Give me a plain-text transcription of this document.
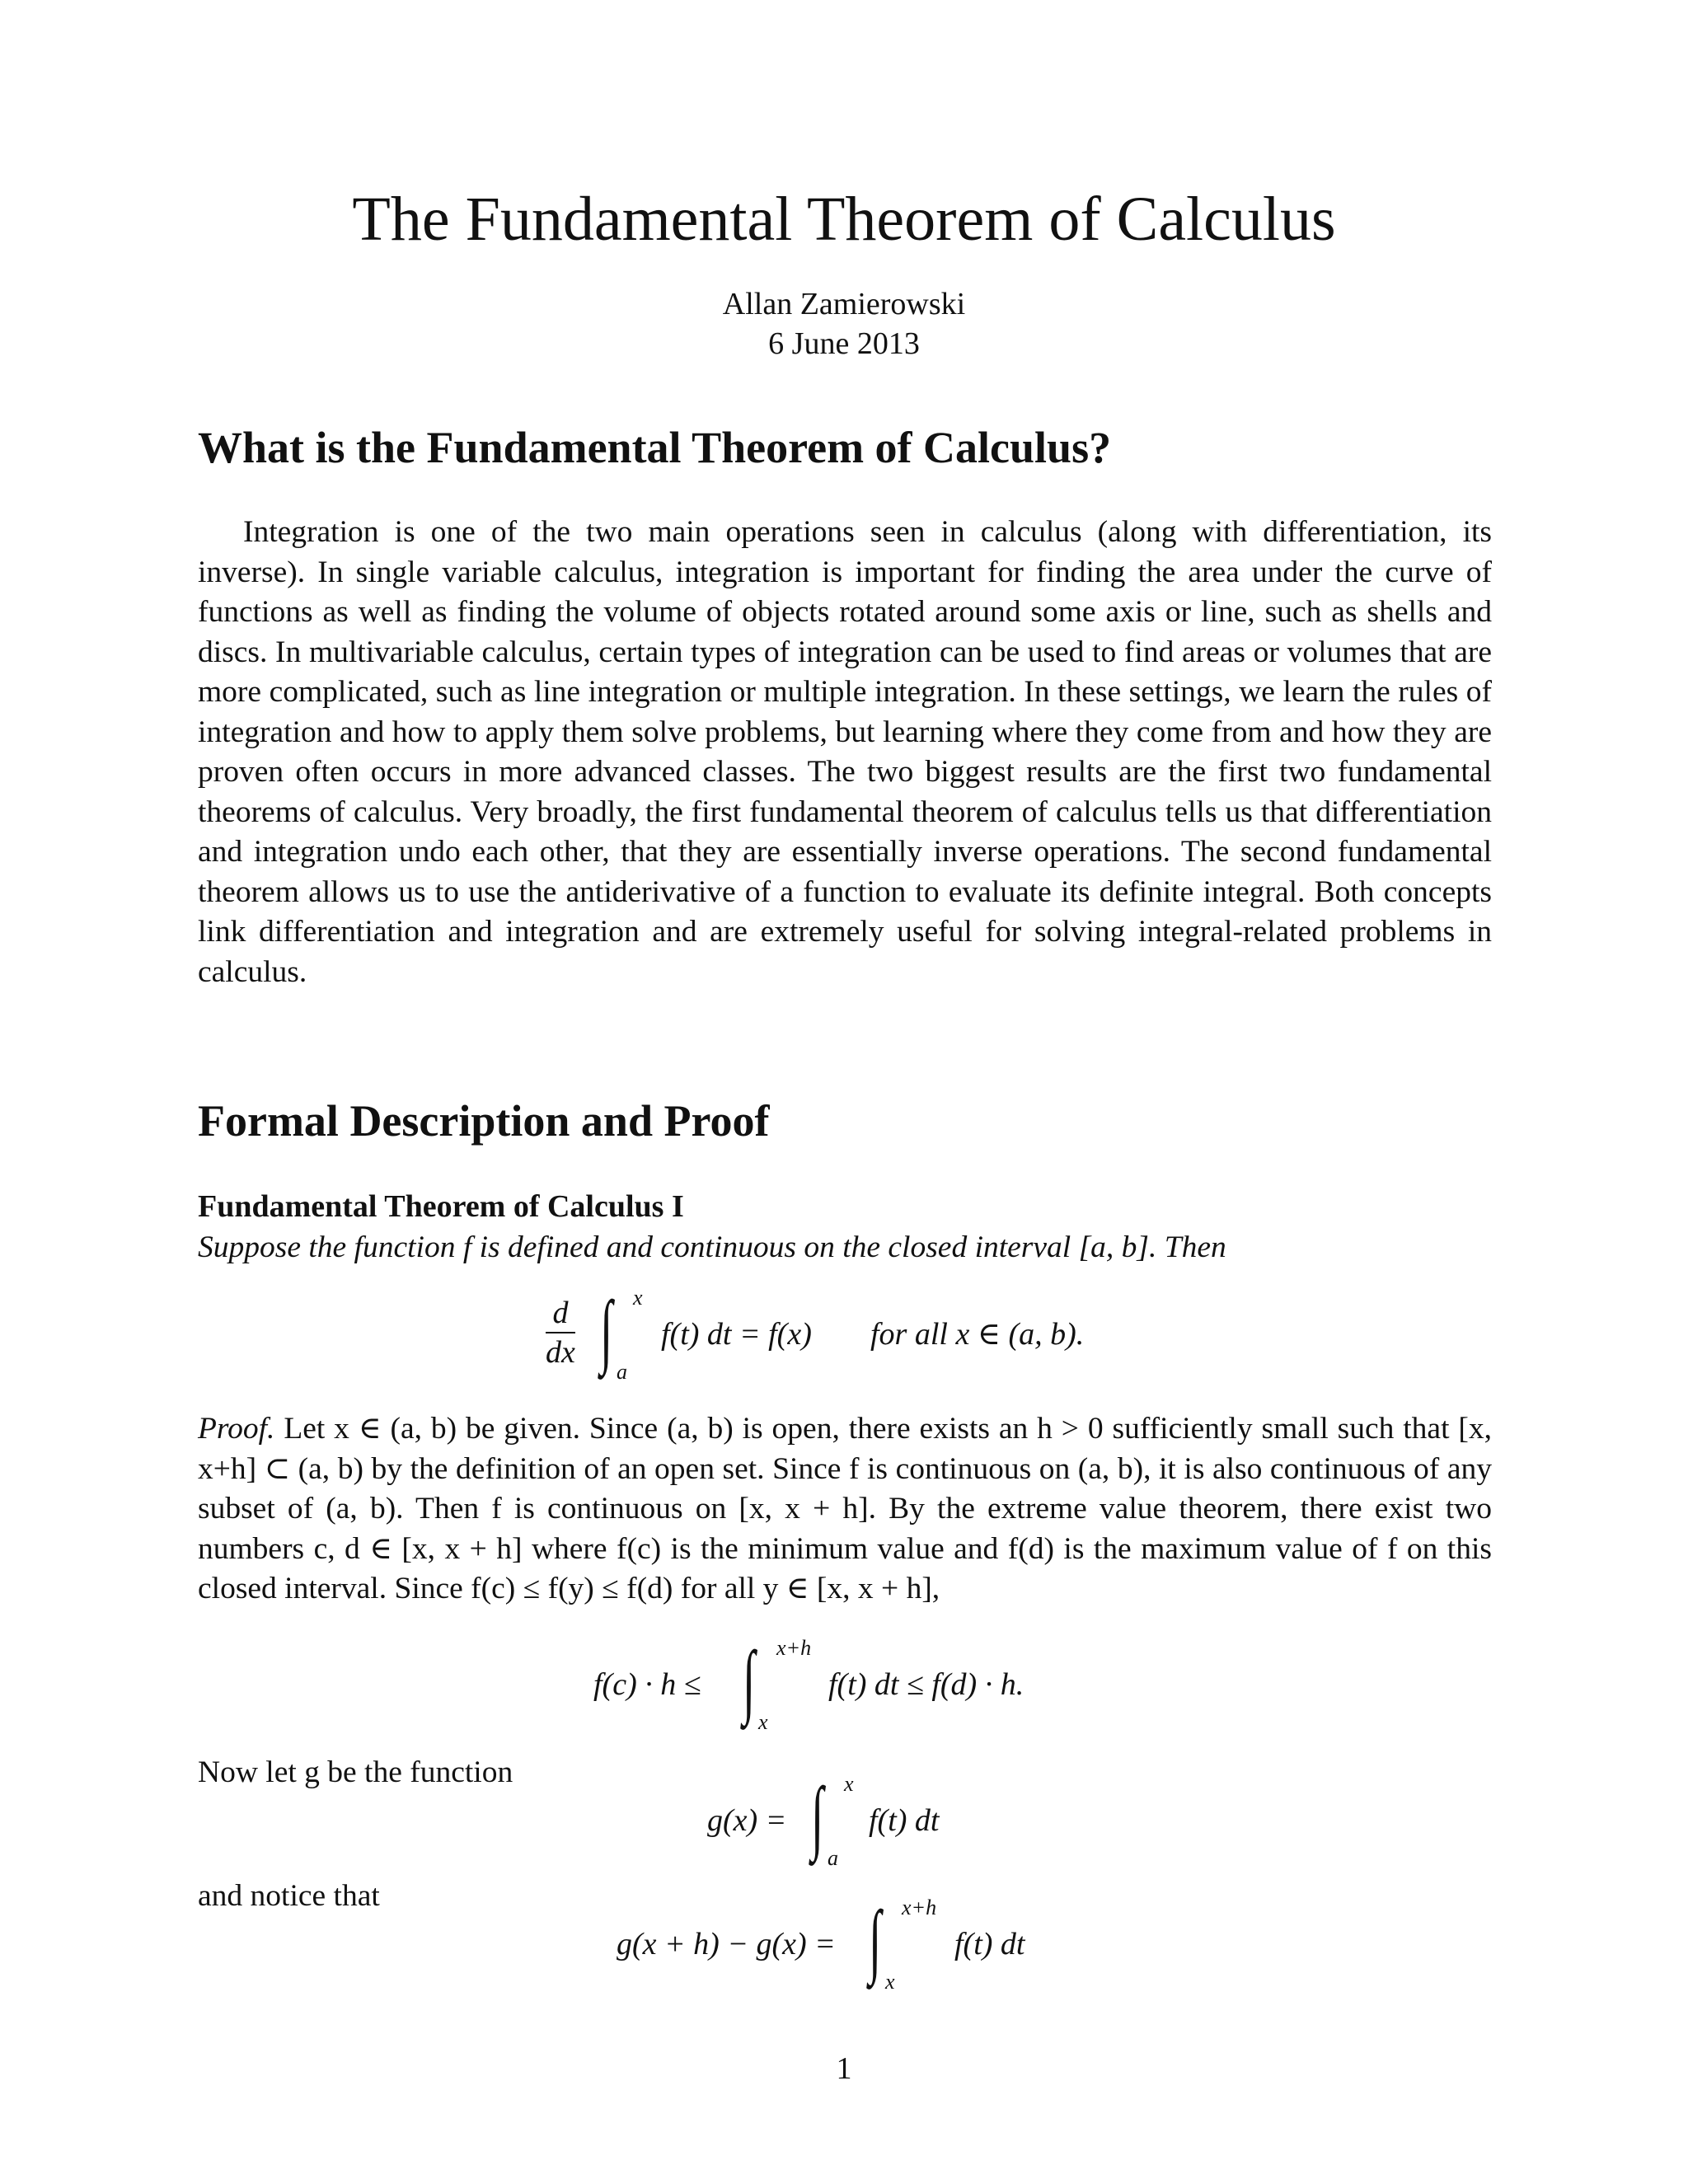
The Fundamental Theorem of Calculus
Allan Zamierowski
6 June 2013
What is the Fundamental Theorem of Calculus?

Integration is one of the two main operations seen in calculus (along with differentiation, its inverse). In single variable calculus, integration is important for finding the area under the curve of functions as well as finding the volume of objects rotated around some axis or line, such as shells and discs. In multivariable calculus, certain types of integration can be used to find areas or volumes that are more complicated, such as line integration or multiple integration. In these settings, we learn the rules of integration and how to apply them solve problems, but learning where they come from and how they are proven often occurs in more advanced classes. The two biggest results are the first two fundamental theorems of calculus. Very broadly, the first fundamental theorem of calculus tells us that differentiation and integration undo each other, that they are essentially inverse operations. The second fundamental theorem allows us to use the antiderivative of a function to evaluate its definite integral. Both concepts link differentiation and integration and are extremely useful for solving integral-related problems in calculus.

Formal Description and Proof
Fundamental Theorem of Calculus I

Suppose the function f is defined and continuous on the closed interval [a, b]. Then

$\frac{d}{dx}$ ∫ x
a
f(t) dt = f(x) for all x ∈ (a, b).

Proof. Let x ∈ (a, b) be given. Since (a, b) is open, there exists an h > 0 sufficiently small such that [x, x+h] ⊂ (a, b) by the definition of an open set. Since f is continuous on (a, b), it is also continuous of any subset of (a, b). Then f is continuous on [x, x + h]. By the extreme value theorem, there exist two numbers c, d ∈ [x, x + h] where f(c) is the minimum value and f(d) is the maximum value of f on this closed interval. Since f(c) ≤ f(y) ≤ f(d) for all y ∈ [x, x + h],

f(c) · h ≤ ∫ x+h
x
f(t) dt ≤ f(d) · h.

Now let g be the function

g(x) = ∫ x
a
f(t) dt

and notice that

g(x + h) − g(x) = ∫ x+h
x
f(t) dt
1
